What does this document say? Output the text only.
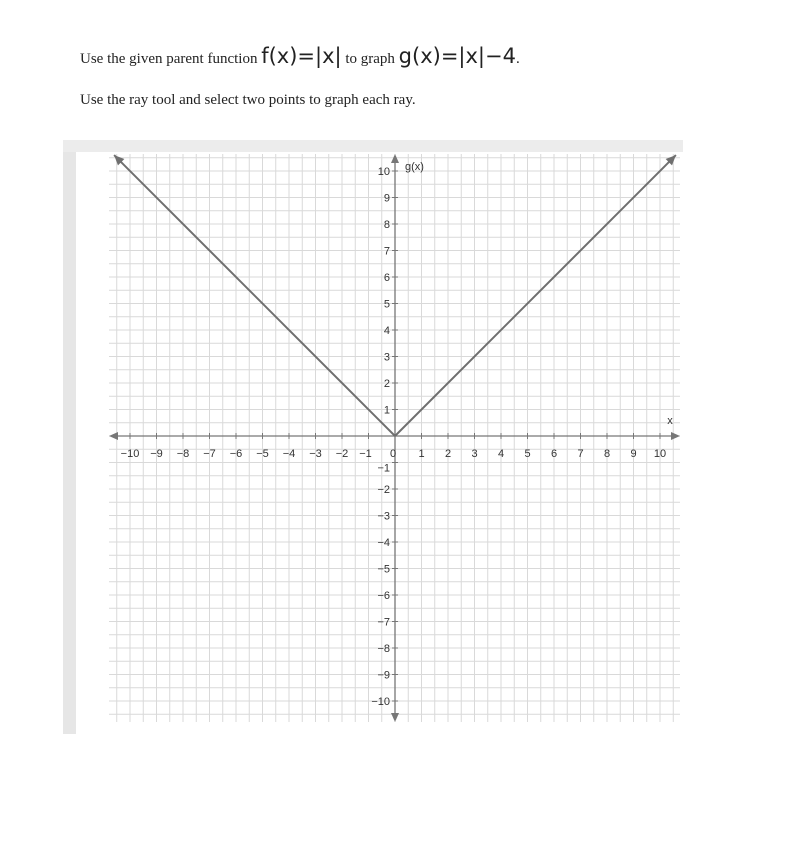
Use the given parent function f(x)=|x| to graph g(x)=|x|−4.
Use the ray tool and select two points to graph each ray.
−10 −9 −8 −7 −6 −5 −4 −3 −2 −1	1 2 3 4 5 6 7 8 9 10
10
9
8
7
6
5
4
3
2
1
−1
−2
−3
−4
−5
−6
−7
−8
−9
−10
0
x
g(x)
